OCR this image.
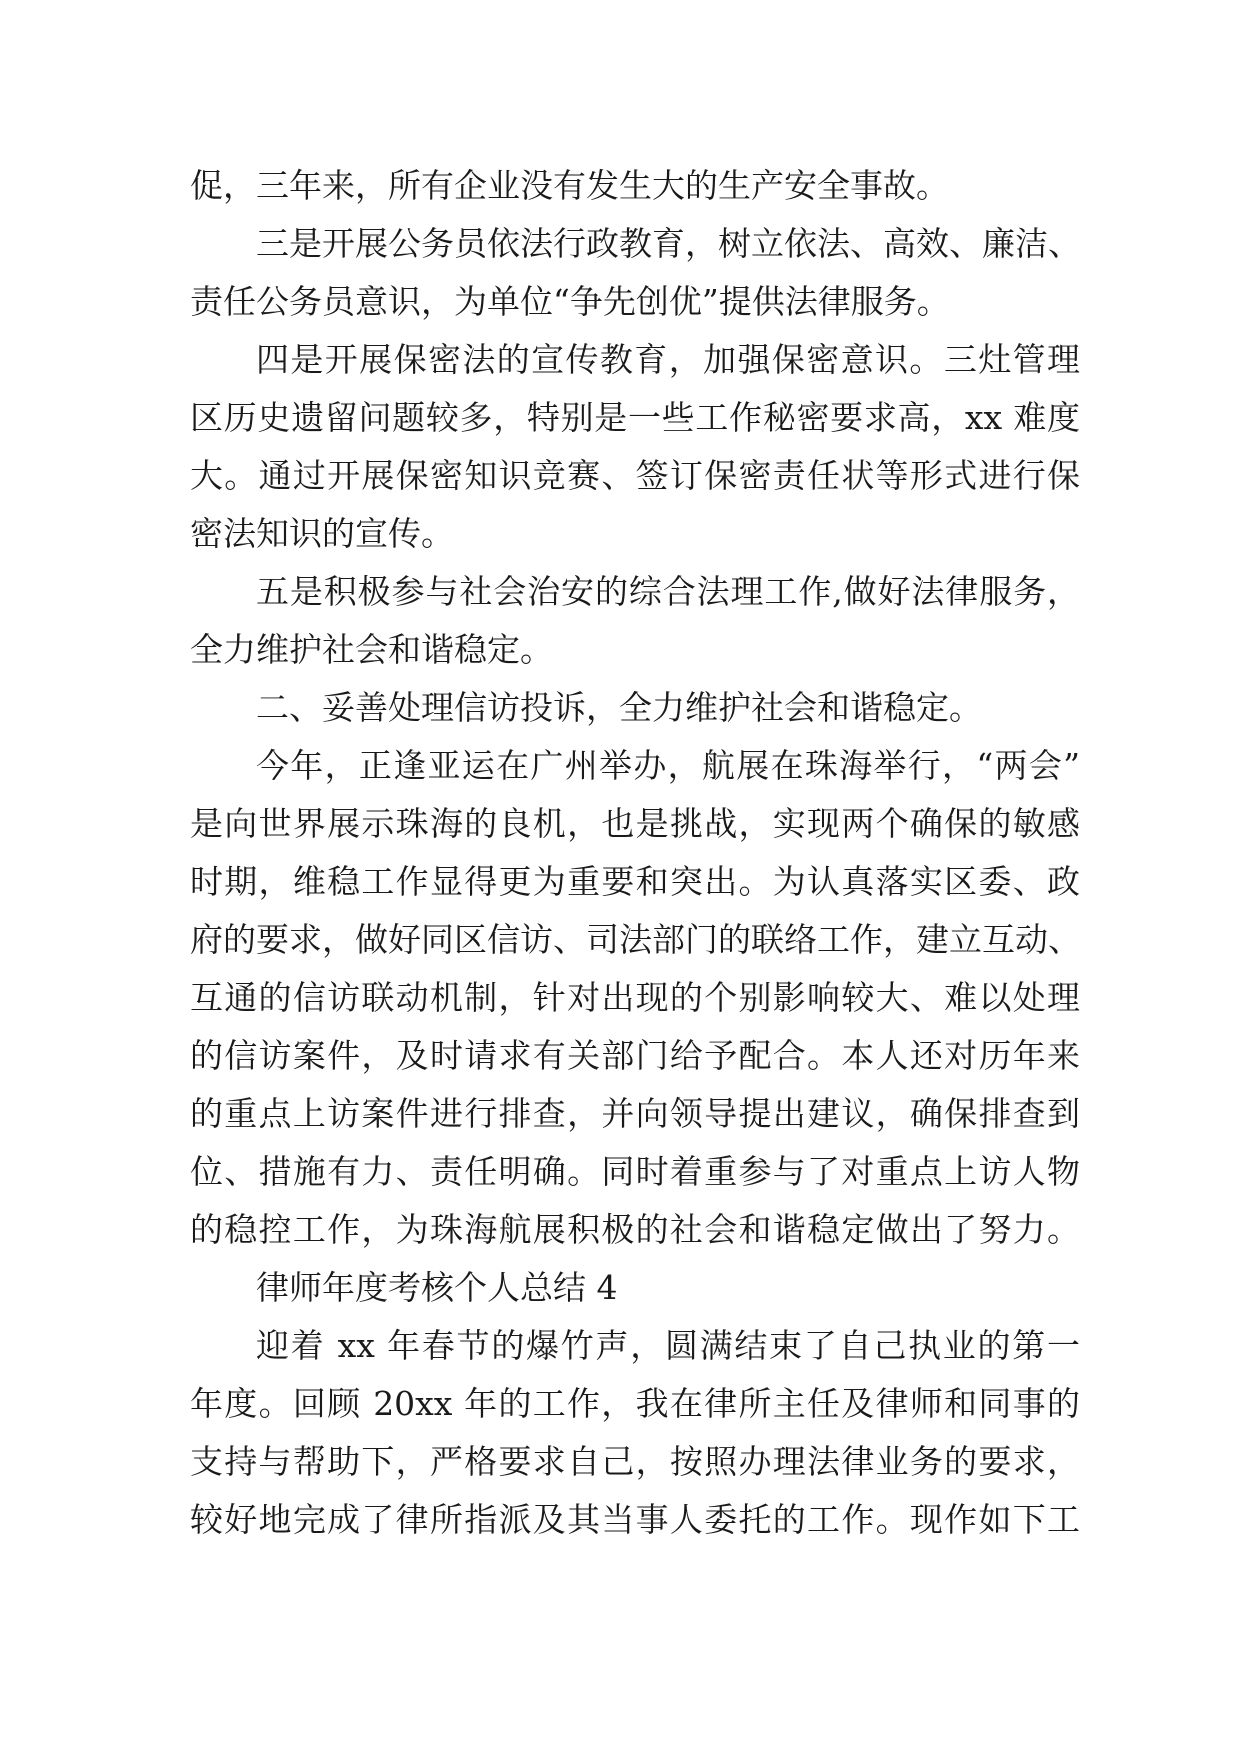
促，三年来，所有企业没有发生大的生产安全事故。

三是开展公务员依法行政教育，树立依法、高效、廉洁、

责任公务员意识，为单位“争先创优”提供法律服务。

四是开展保密法的宣传教育，加强保密意识。三灶管理

区历史遗留问题较多，特别是一些工作秘密要求高，xx 难度

大。通过开展保密知识竞赛、签订保密责任状等形式进行保

密法知识的宣传。

五是积极参与社会治安的综合法理工作,做好法律服务，

全力维护社会和谐稳定。

二、妥善处理信访投诉，全力维护社会和谐稳定。

今年，正逢亚运在广州举办，航展在珠海举行，“两会”

是向世界展示珠海的良机，也是挑战，实现两个确保的敏感

时期，维稳工作显得更为重要和突出。为认真落实区委、政

府的要求，做好同区信访、司法部门的联络工作，建立互动、

互通的信访联动机制，针对出现的个别影响较大、难以处理

的信访案件，及时请求有关部门给予配合。本人还对历年来

的重点上访案件进行排查，并向领导提出建议，确保排查到

位、措施有力、责任明确。同时着重参与了对重点上访人物

的稳控工作，为珠海航展积极的社会和谐稳定做出了努力。

律师年度考核个人总结 4

迎着 xx 年春节的爆竹声，圆满结束了自己执业的第一

年度。回顾 20xx 年的工作，我在律所主任及律师和同事的

支持与帮助下，严格要求自己，按照办理法律业务的要求，

较好地完成了律所指派及其当事人委托的工作。现作如下工
